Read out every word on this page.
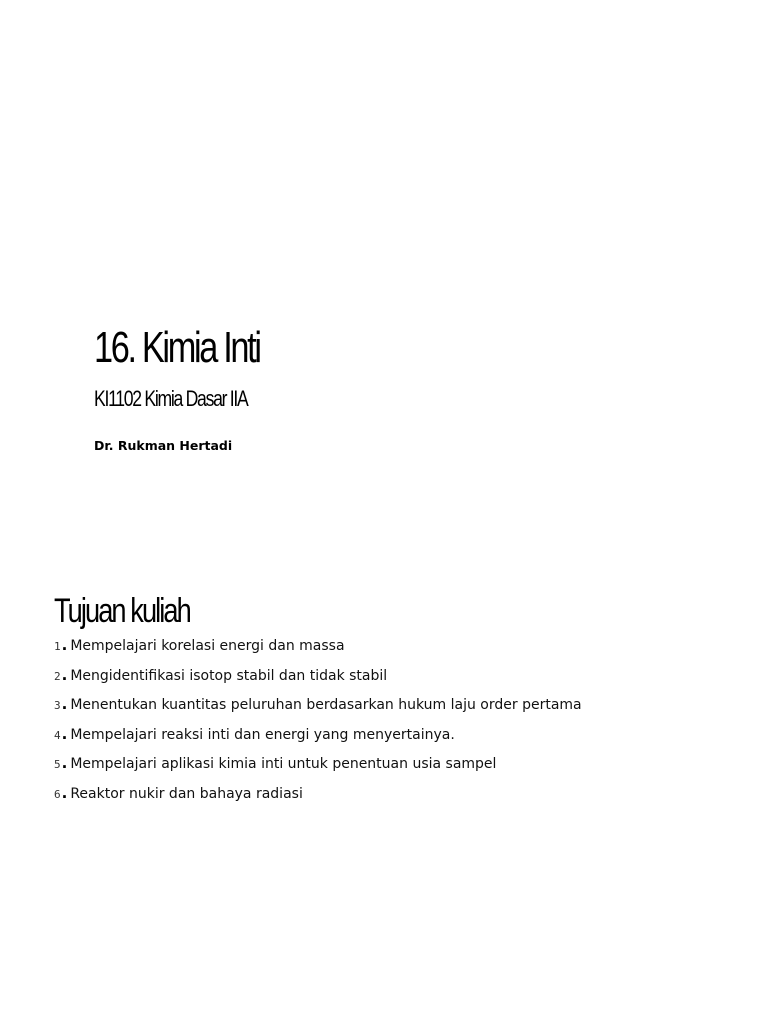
16. Kimia Inti
KI1102 Kimia Dasar IIA
Dr. Rukman Hertadi
Tujuan kuliah
1 . Mempelajari korelasi energi dan massa
2 . Mengidentifikasi isotop stabil dan tidak stabil
3 . Menentukan kuantitas peluruhan berdasarkan hukum laju order pertama
4 . Mempelajari reaksi inti dan energi yang menyertainya.
5 . Mempelajari aplikasi kimia inti untuk penentuan usia sampel
6 . Reaktor nukir dan bahaya radiasi
